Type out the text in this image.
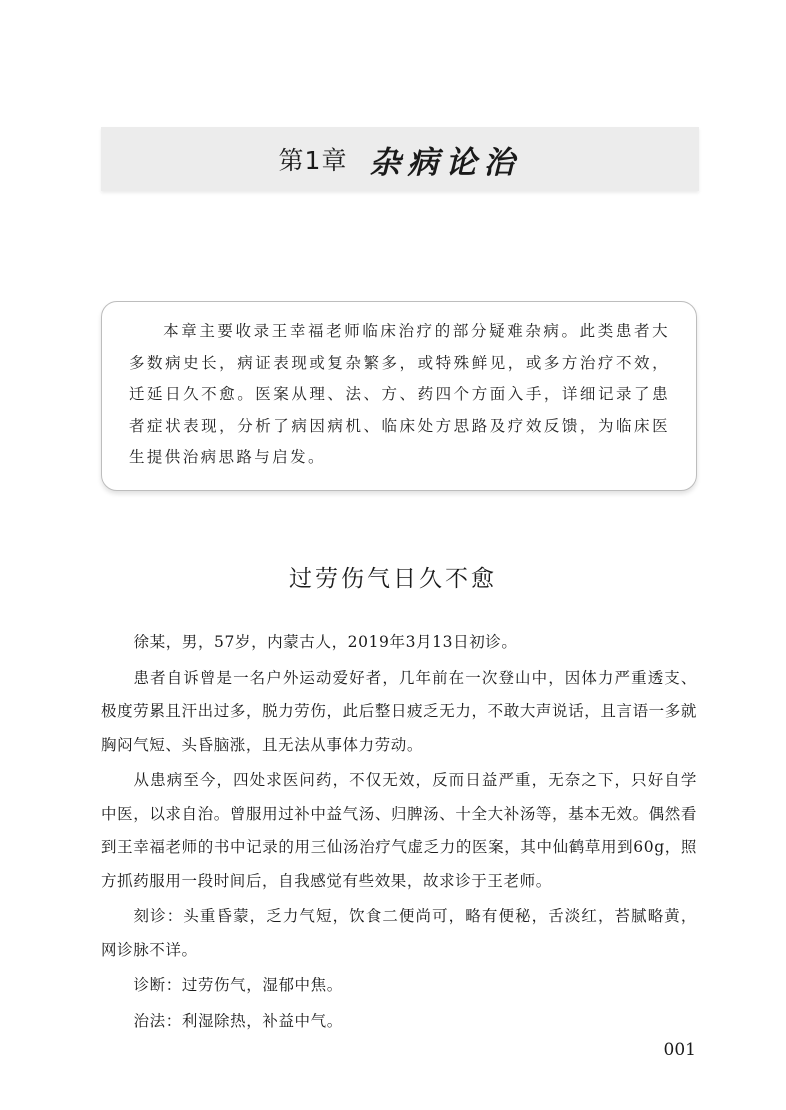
第1章 杂病论治

本章主要收录王幸福老师临床治疗的部分疑难杂病。此类患者大多数病史长，病证表现或复杂繁多，或特殊鲜见，或多方治疗不效，迁延日久不愈。医案从理、法、方、药四个方面入手，详细记录了患者症状表现，分析了病因病机、临床处方思路及疗效反馈，为临床医生提供治病思路与启发。

过劳伤气日久不愈

徐某，男，57岁，内蒙古人，2019年3月13日初诊。

患者自诉曾是一名户外运动爱好者，几年前在一次登山中，因体力严重透支、极度劳累且汗出过多，脱力劳伤，此后整日疲乏无力，不敢大声说话，且言语一多就胸闷气短、头昏脑涨，且无法从事体力劳动。

从患病至今，四处求医问药，不仅无效，反而日益严重，无奈之下，只好自学中医，以求自治。曾服用过补中益气汤、归脾汤、十全大补汤等，基本无效。偶然看到王幸福老师的书中记录的用三仙汤治疗气虚乏力的医案，其中仙鹤草用到60g，照方抓药服用一段时间后，自我感觉有些效果，故求诊于王老师。

刻诊：头重昏蒙，乏力气短，饮食二便尚可，略有便秘，舌淡红，苔腻略黄，网诊脉不详。

诊断：过劳伤气，湿郁中焦。

治法：利湿除热，补益中气。

001
